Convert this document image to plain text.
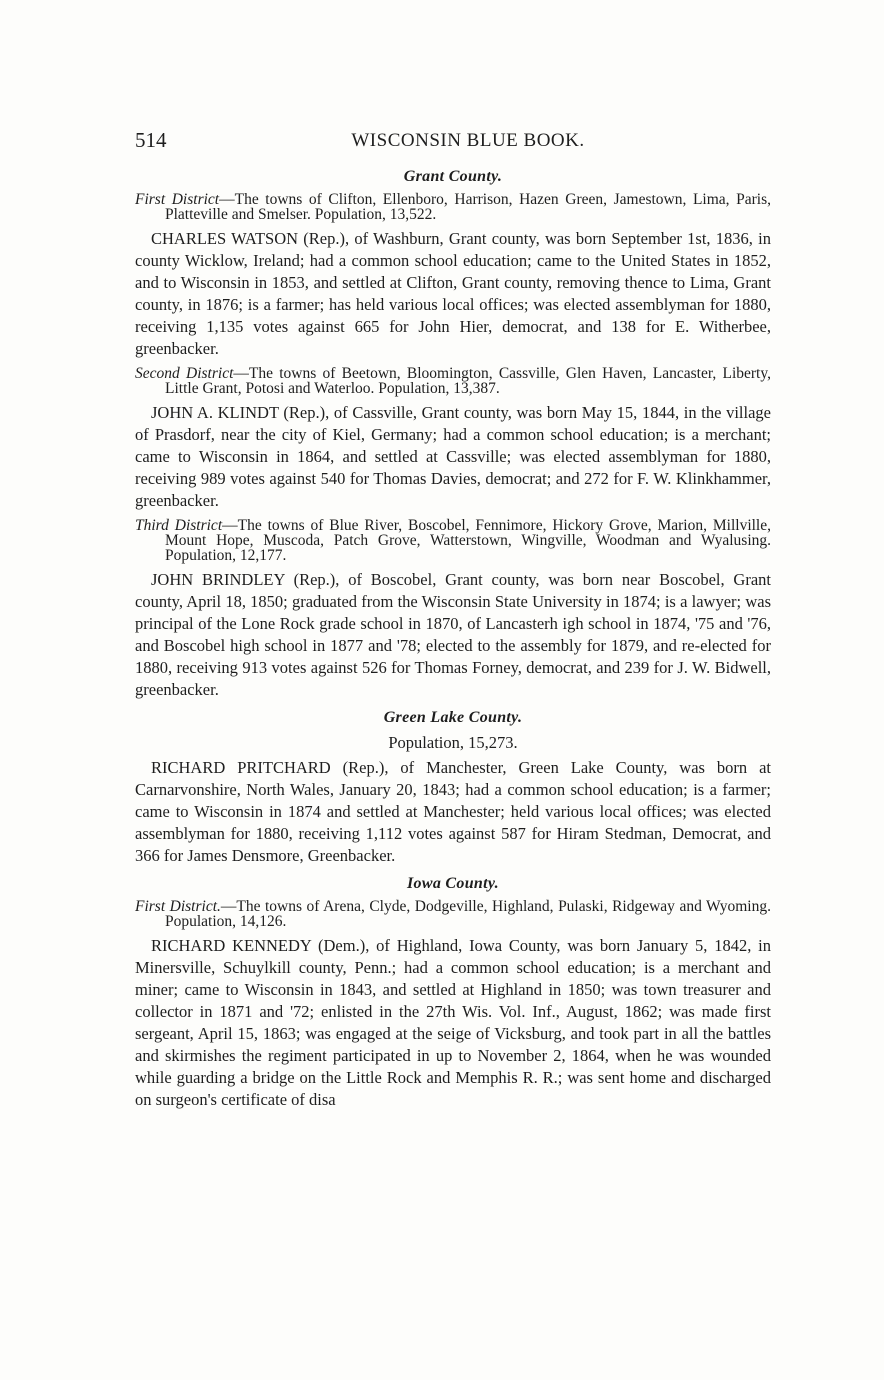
514	WISCONSIN BLUE BOOK.
Grant County.

First District—The towns of Clifton, Ellenboro, Harrison, Hazen Green, Jamestown, Lima, Paris, Platteville and Smelser. Population, 13,522.

CHARLES WATSON (Rep.), of Washburn, Grant county, was born September 1st, 1836, in county Wicklow, Ireland; had a common school education; came to the United States in 1852, and to Wisconsin in 1853, and settled at Clifton, Grant county, removing thence to Lima, Grant county, in 1876; is a farmer; has held various local offices; was elected assemblyman for 1880, receiving 1,135 votes against 665 for John Hier, democrat, and 138 for E. Witherbee, greenbacker.

Second District—The towns of Beetown, Bloomington, Cassville, Glen Haven, Lancaster, Liberty, Little Grant, Potosi and Waterloo. Population, 13,387.

JOHN A. KLINDT (Rep.), of Cassville, Grant county, was born May 15, 1844, in the village of Prasdorf, near the city of Kiel, Germany; had a common school education; is a merchant; came to Wisconsin in 1864, and settled at Cassville; was elected assemblyman for 1880, receiving 989 votes against 540 for Thomas Davies, democrat; and 272 for F. W. Klinkhammer, greenbacker.

Third District—The towns of Blue River, Boscobel, Fennimore, Hickory Grove, Marion, Millville, Mount Hope, Muscoda, Patch Grove, Watterstown, Wingville, Woodman and Wyalusing. Population, 12,177.

JOHN BRINDLEY (Rep.), of Boscobel, Grant county, was born near Boscobel, Grant county, April 18, 1850; graduated from the Wisconsin State University in 1874; is a lawyer; was principal of the Lone Rock grade school in 1870, of Lancasterh igh school in 1874, '75 and '76, and Boscobel high school in 1877 and '78; elected to the assembly for 1879, and re-elected for 1880, receiving 913 votes against 526 for Thomas Forney, democrat, and 239 for J. W. Bidwell, greenbacker.

Green Lake County.
Population, 15,273.

RICHARD PRITCHARD (Rep.), of Manchester, Green Lake County, was born at Carnarvonshire, North Wales, January 20, 1843; had a common school education; is a farmer; came to Wisconsin in 1874 and settled at Manchester; held various local offices; was elected assemblyman for 1880, receiving 1,112 votes against 587 for Hiram Stedman, Democrat, and 366 for James Densmore, Greenbacker.

Iowa County.

First District.—The towns of Arena, Clyde, Dodgeville, Highland, Pulaski, Ridgeway and Wyoming. Population, 14,126.

RICHARD KENNEDY (Dem.), of Highland, Iowa County, was born January 5, 1842, in Minersville, Schuylkill county, Penn.; had a common school education; is a merchant and miner; came to Wisconsin in 1843, and settled at Highland in 1850; was town treasurer and collector in 1871 and '72; enlisted in the 27th Wis. Vol. Inf., August, 1862; was made first sergeant, April 15, 1863; was engaged at the seige of Vicksburg, and took part in all the battles and skirmishes the regiment participated in up to November 2, 1864, when he was wounded while guarding a bridge on the Little Rock and Memphis R. R.; was sent home and discharged on surgeon's certificate of disa
